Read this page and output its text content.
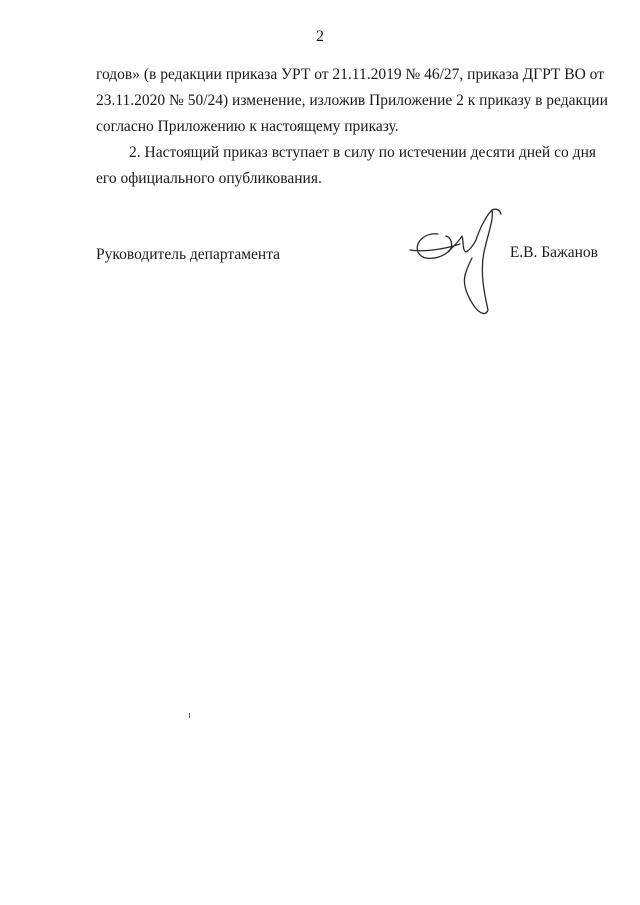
2
годов» (в редакции приказа УРТ от 21.11.2019 № 46/27, приказа ДГРТ ВО от
23.11.2020 № 50/24) изменение, изложив Приложение 2 к приказу в редакции
согласно Приложению к настоящему приказу.
2. Настоящий приказ вступает в силу по истечении десяти дней со дня
его официального опубликования.
Руководитель департамента	Е.В. Бажанов
